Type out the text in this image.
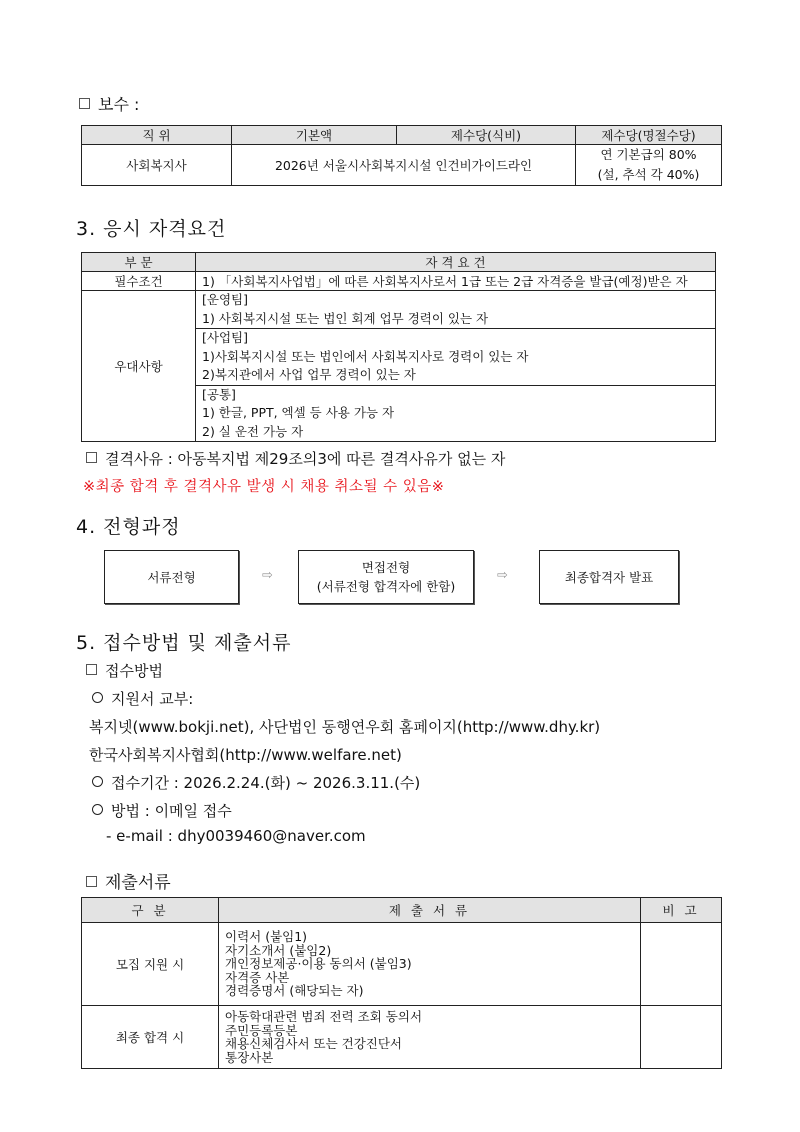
보수 :
직 위	기본액	제수당(식비)	제수당(명절수당)
사회복지사	2026년 서울시사회복지시설 인건비가이드라인		연 기본급의 80%
(설, 추석 각 40%)
3. 응시 자격요건
부 문	자 격 요 건
필수조건	1) 「사회복지사업법」에 따른 사회복지사로서 1급 또는 2급 자격증을 발급(예정)받은 자
우대사항	[운영팀]
1) 사회복지시설 또는 법인 회계 업무 경력이 있는 자

	[사업팀]
1)사회복지시설 또는 법인에서 사회복지사로 경력이 있는 자
2)복지관에서 사업 업무 경력이 있는 자

	[공통]
1) 한글, PPT, 엑셀 등 사용 가능 자
2) 실 운전 가능 자
결격사유 : 아동복지법 제29조의3에 따른 결격사유가 없는 자
※최종 합격 후 결격사유 발생 시 채용 취소될 수 있음※
4. 전형과정
서류전형	⇨
면접전형
(서류전형 합격자에 한함)
⇨	최종합격자 발표
5. 접수방법 및 제출서류
접수방법
지원서 교부:
복지넷(www.bokji.net), 사단법인 동행연우회 홈페이지(http://www.dhy.kr)
한국사회복지사협회(http://www.welfare.net)
접수기간 : 2026.2.24.(화) ~ 2026.3.11.(수)
방법 : 이메일 접수
- e-mail : dhy0039460@naver.com
제출서류
구 분	제 출 서 류	비 고
모집 지원 시	이력서 (붙임1)
자기소개서 (붙임2)
개인정보제공·이용 동의서 (붙임3)
자격증 사본
경력증명서 (해당되는 자)	

최종 합격 시	아동학대관련 범죄 전력 조회 동의서
주민등록등본
채용신체검사서 또는 건강진단서
통장사본	
